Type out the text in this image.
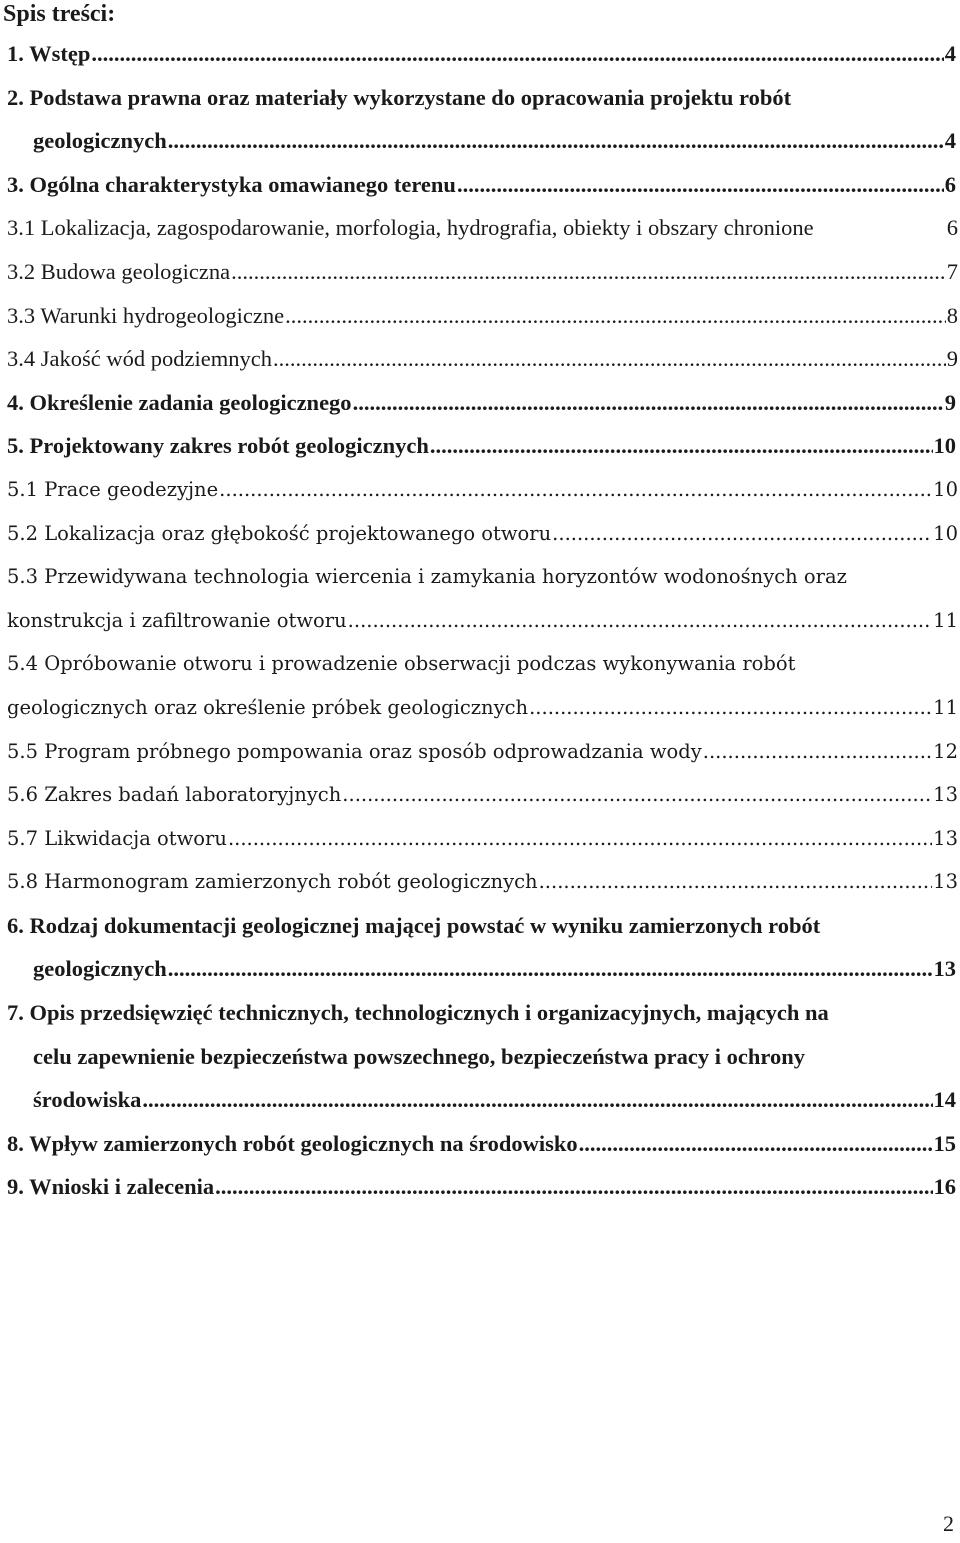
Spis treści:
1. Wstęp .....	4
2. Podstawa prawna oraz materiały wykorzystane do opracowania projektu robót
geologicznych .....	4
3. Ogólna charakterystyka omawianego terenu .....	6
3.1 Lokalizacja, zagospodarowanie, morfologia, hydrografia, obiekty i obszary chronione	6
3.2 Budowa geologiczna .....	7
3.3 Warunki hydrogeologiczne .....	8
3.4 Jakość wód podziemnych .....	9
4. Określenie zadania geologicznego .....	9
5. Projektowany zakres robót geologicznych .....	10
5.1 Prace geodezyjne .....	10
5.2 Lokalizacja oraz głębokość projektowanego otworu .....	10
5.3 Przewidywana technologia wiercenia i zamykania horyzontów wodonośnych oraz
konstrukcja i zafiltrowanie otworu .....	11
5.4 Opróbowanie otworu i prowadzenie obserwacji podczas wykonywania robót
geologicznych oraz określenie próbek geologicznych .....	11
5.5 Program próbnego pompowania oraz sposób odprowadzania wody .....	12
5.6 Zakres badań laboratoryjnych .....	13
5.7 Likwidacja otworu .....	13
5.8 Harmonogram zamierzonych robót geologicznych .....	13
6. Rodzaj dokumentacji geologicznej mającej powstać w wyniku zamierzonych robót
geologicznych .....	13
7. Opis przedsięwzięć technicznych, technologicznych i organizacyjnych, mających na
celu zapewnienie bezpieczeństwa powszechnego, bezpieczeństwa pracy i ochrony
środowiska .....	14
8. Wpływ zamierzonych robót geologicznych na środowisko .....	15
9. Wnioski i zalecenia .....	16
2
